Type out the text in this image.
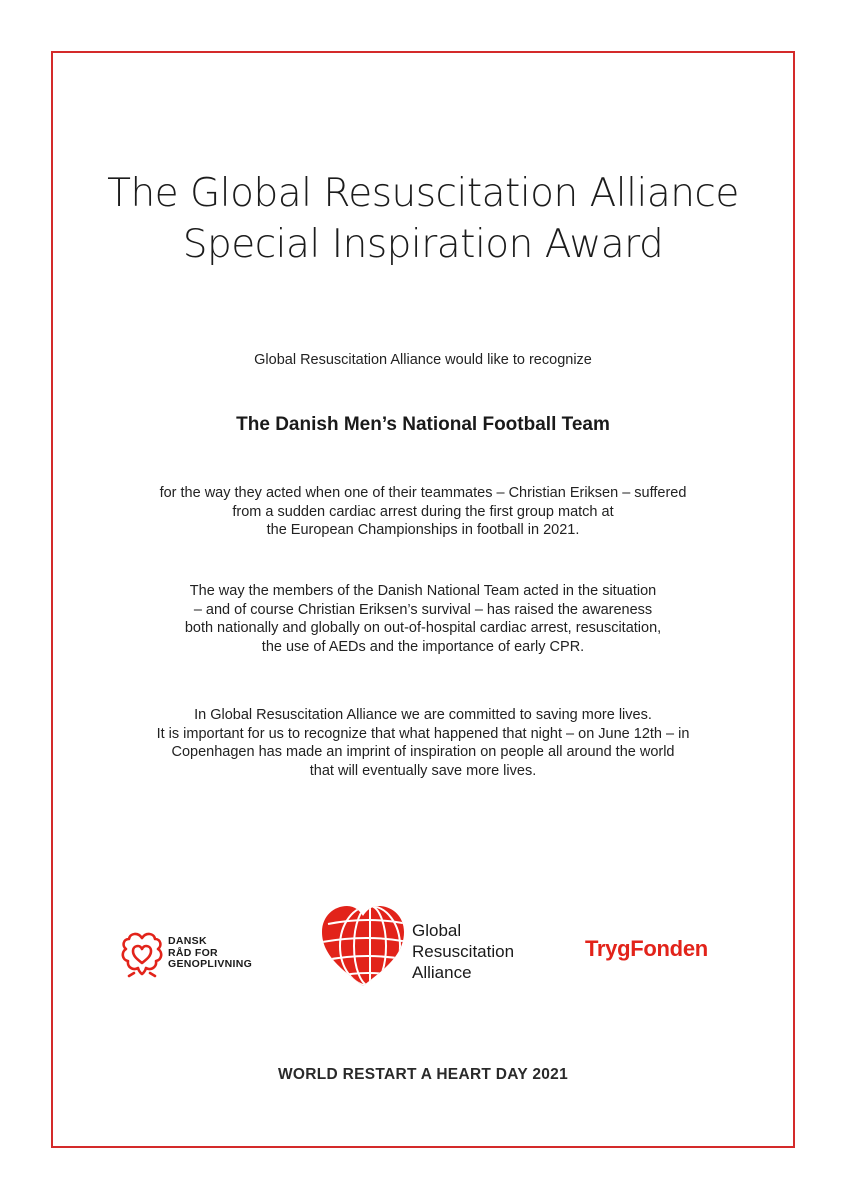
The Global Resuscitation Alliance
Special Inspiration Award
Global Resuscitation Alliance would like to recognize
The Danish Men’s National Football Team
for the way they acted when one of their teammates – Christian Eriksen – suffered
from a sudden cardiac arrest during the first group match at
the European Championships in football in 2021.
The way the members of the Danish National Team acted in the situation
– and of course Christian Eriksen’s survival – has raised the awareness
both nationally and globally on out-of-hospital cardiac arrest, resuscitation,
the use of AEDs and the importance of early CPR.
In Global Resuscitation Alliance we are committed to saving more lives.
It is important for us to recognize that what happened that night – on June 12th – in
Copenhagen has made an imprint of inspiration on people all around the world
that will eventually save more lives.
DANSK
RÅD FOR
GENOPLIVNING
Global
Resuscitation
Alliance
TrygFonden
WORLD RESTART A HEART DAY 2021
